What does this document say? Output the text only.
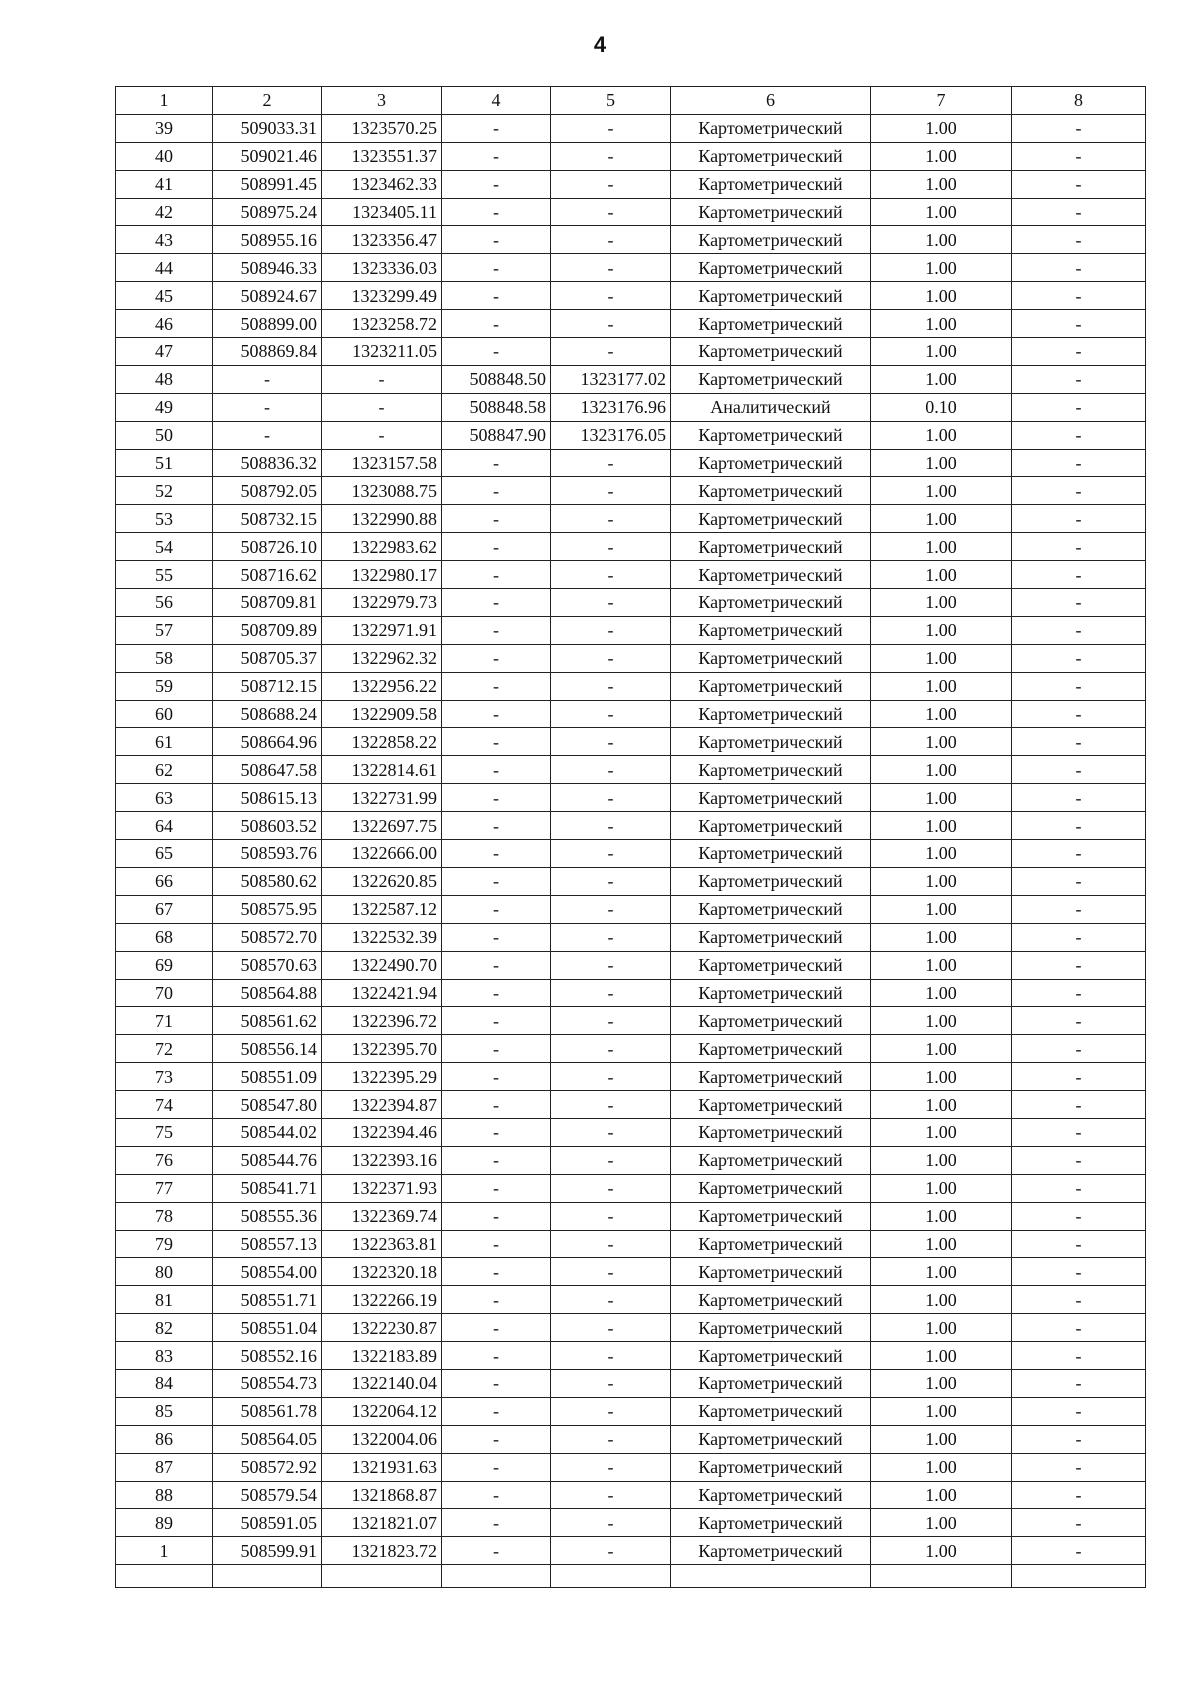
4
1	2	3	4	5	6	7	8
39	509033.31	1323570.25	-	-	Картометрический	1.00	-
40	509021.46	1323551.37	-	-	Картометрический	1.00	-
41	508991.45	1323462.33	-	-	Картометрический	1.00	-
42	508975.24	1323405.11	-	-	Картометрический	1.00	-
43	508955.16	1323356.47	-	-	Картометрический	1.00	-
44	508946.33	1323336.03	-	-	Картометрический	1.00	-
45	508924.67	1323299.49	-	-	Картометрический	1.00	-
46	508899.00	1323258.72	-	-	Картометрический	1.00	-
47	508869.84	1323211.05	-	-	Картометрический	1.00	-
48	-	-	508848.50	1323177.02	Картометрический	1.00	-
49	-	-	508848.58	1323176.96	Аналитический	0.10	-
50	-	-	508847.90	1323176.05	Картометрический	1.00	-
51	508836.32	1323157.58	-	-	Картометрический	1.00	-
52	508792.05	1323088.75	-	-	Картометрический	1.00	-
53	508732.15	1322990.88	-	-	Картометрический	1.00	-
54	508726.10	1322983.62	-	-	Картометрический	1.00	-
55	508716.62	1322980.17	-	-	Картометрический	1.00	-
56	508709.81	1322979.73	-	-	Картометрический	1.00	-
57	508709.89	1322971.91	-	-	Картометрический	1.00	-
58	508705.37	1322962.32	-	-	Картометрический	1.00	-
59	508712.15	1322956.22	-	-	Картометрический	1.00	-
60	508688.24	1322909.58	-	-	Картометрический	1.00	-
61	508664.96	1322858.22	-	-	Картометрический	1.00	-
62	508647.58	1322814.61	-	-	Картометрический	1.00	-
63	508615.13	1322731.99	-	-	Картометрический	1.00	-
64	508603.52	1322697.75	-	-	Картометрический	1.00	-
65	508593.76	1322666.00	-	-	Картометрический	1.00	-
66	508580.62	1322620.85	-	-	Картометрический	1.00	-
67	508575.95	1322587.12	-	-	Картометрический	1.00	-
68	508572.70	1322532.39	-	-	Картометрический	1.00	-
69	508570.63	1322490.70	-	-	Картометрический	1.00	-
70	508564.88	1322421.94	-	-	Картометрический	1.00	-
71	508561.62	1322396.72	-	-	Картометрический	1.00	-
72	508556.14	1322395.70	-	-	Картометрический	1.00	-
73	508551.09	1322395.29	-	-	Картометрический	1.00	-
74	508547.80	1322394.87	-	-	Картометрический	1.00	-
75	508544.02	1322394.46	-	-	Картометрический	1.00	-
76	508544.76	1322393.16	-	-	Картометрический	1.00	-
77	508541.71	1322371.93	-	-	Картометрический	1.00	-
78	508555.36	1322369.74	-	-	Картометрический	1.00	-
79	508557.13	1322363.81	-	-	Картометрический	1.00	-
80	508554.00	1322320.18	-	-	Картометрический	1.00	-
81	508551.71	1322266.19	-	-	Картометрический	1.00	-
82	508551.04	1322230.87	-	-	Картометрический	1.00	-
83	508552.16	1322183.89	-	-	Картометрический	1.00	-
84	508554.73	1322140.04	-	-	Картометрический	1.00	-
85	508561.78	1322064.12	-	-	Картометрический	1.00	-
86	508564.05	1322004.06	-	-	Картометрический	1.00	-
87	508572.92	1321931.63	-	-	Картометрический	1.00	-
88	508579.54	1321868.87	-	-	Картометрический	1.00	-
89	508591.05	1321821.07	-	-	Картометрический	1.00	-
1	508599.91	1321823.72	-	-	Картометрический	1.00	-
